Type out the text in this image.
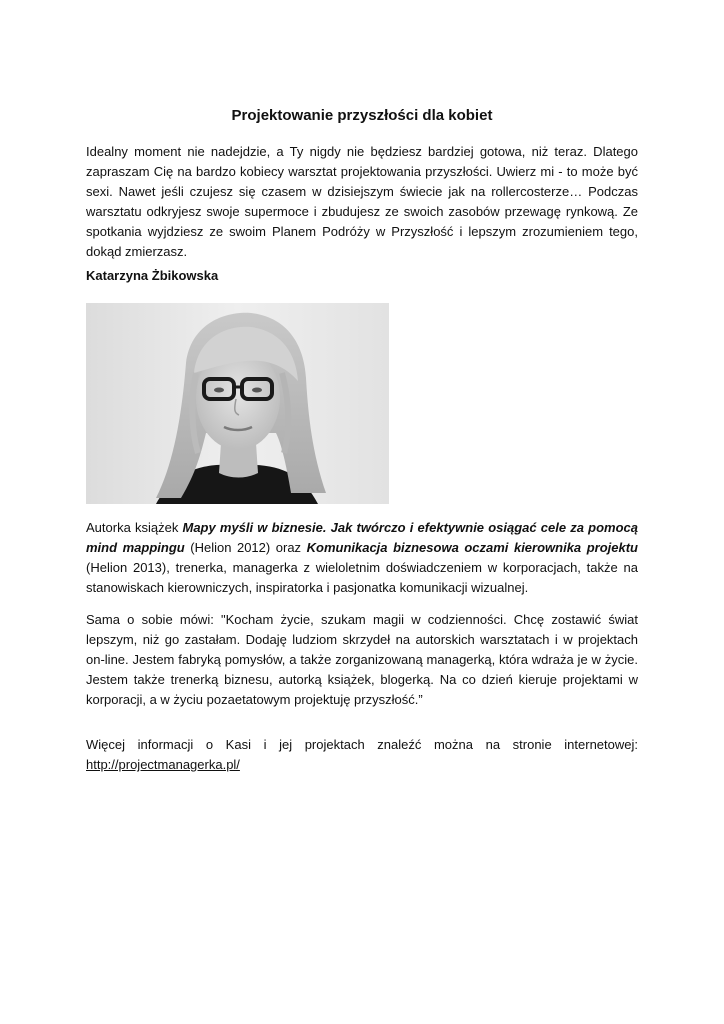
Projektowanie przyszłości dla kobiet
Idealny moment nie nadejdzie, a Ty nigdy nie będziesz bardziej gotowa, niż teraz. Dlatego zapraszam Cię na bardzo kobiecy warsztat projektowania przyszłości. Uwierz mi - to może być sexi. Nawet jeśli czujesz się czasem w dzisiejszym świecie jak na rollercosterze… Podczas warsztatu odkryjesz swoje supermoce i zbudujesz ze swoich zasobów przewagę rynkową. Ze spotkania wyjdziesz ze swoim Planem Podróży w Przyszłość i lepszym zrozumieniem tego, dokąd zmierzasz.
Katarzyna Żbikowska
Autorka książek Mapy myśli w biznesie. Jak twórczo i efektywnie osiągać cele za pomocą mind mappingu (Helion 2012) oraz Komunikacja biznesowa oczami kierownika projektu (Helion 2013), trenerka, managerka z wieloletnim doświadczeniem w korporacjach, także na stanowiskach kierowniczych, inspiratorka i pasjonatka komunikacji wizualnej.
Sama o sobie mówi: "Kocham życie, szukam magii w codzienności. Chcę zostawić świat lepszym, niż go zastałam. Dodaję ludziom skrzydeł na autorskich warsztatach i w projektach on-line. Jestem fabryką pomysłów, a także zorganizowaną managerką, która wdraża je w życie. Jestem także trenerką biznesu, autorką książek, blogerką. Na co dzień kieruje projektami w korporacji, a w życiu pozaetatowym projektuję przyszłość.”
Więcej informacji o Kasi i jej projektach znaleźć można na stronie internetowej: http://projectmanagerka.pl/
